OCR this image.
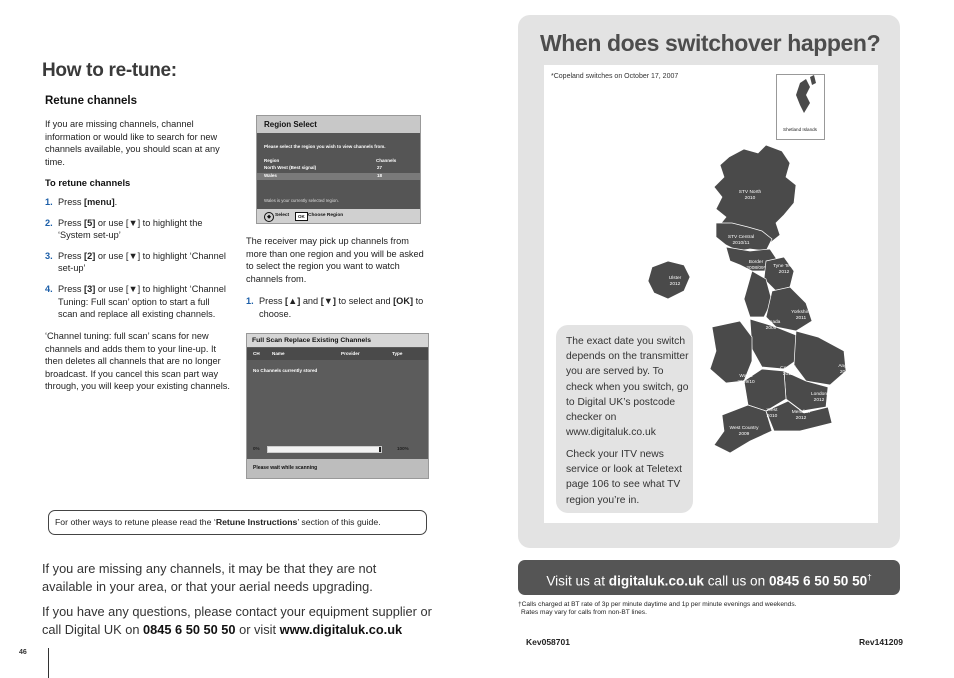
How to re-tune:
Retune channels
If you are missing channels, channel information or would like to search for new channels available, you should scan at any time.
To retune channels
1. Press [menu].
2. Press [5] or use [▼] to highlight the ‘System set-up’
3. Press [2] or use [▼] to highlight ‘Channel set-up’
4. Press [3] or use [▼] to highlight ‘Channel Tuning: Full scan’ option to start a full scan and replace all existing channels.
‘Channel tuning: full scan’ scans for new channels and adds them to your line-up. It then deletes all channels that are no longer broadcast. If you cancel this scan part way through, you will keep your existing channels.
Region Select
Please select the region you wish to view channels from.
Region	Channels
North West (Best signal)	27
Wales	18
Wales is your currently selected region.
◆ Select	OK Choose Region
The receiver may pick up channels from more than one region and you will be asked to select the region you want to watch channels from.
1. Press [▲] and [▼] to select and [OK] to choose.
Full Scan Replace Existing Channels
CH	Name	Provider	Type
No Channels currently stored
0%	100%
Please wait while scanning
For other ways to retune please read the ‘Retune Instructions’ section of this guide.
If you are missing any channels, it may be that they are not available in your area, or that your aerial needs upgrading.
If you have any questions, please contact your equipment supplier or call Digital UK on 0845 6 50 50 50 or visit www.digitaluk.co.uk
46
When does switchover happen?
*Copeland switches on October 17, 2007
Shetland Islands
STV North
2010
STV Central
2010/11
Border
2008/09*	Tyne Tees
2012
Ulster
2012
Yorkshire
2011
Granada
2009
Central
2011
Anglia
2011
Wales
2009/10
London
2012
West
2010
Meridian
2012
West Country
2009
The exact date you switch depends on the transmitter you are served by. To check when you switch, go to Digital UK’s postcode checker on www.digitaluk.co.uk
Check your ITV news service or look at Teletext page 106 to see what TV region you’re in.
Visit us at digitaluk.co.uk call us on 0845 6 50 50 50†
†Calls charged at BT rate of 3p per minute daytime and 1p per minute evenings and weekends.
Rates may vary for calls from non-BT lines.
Kev058701	Rev141209
